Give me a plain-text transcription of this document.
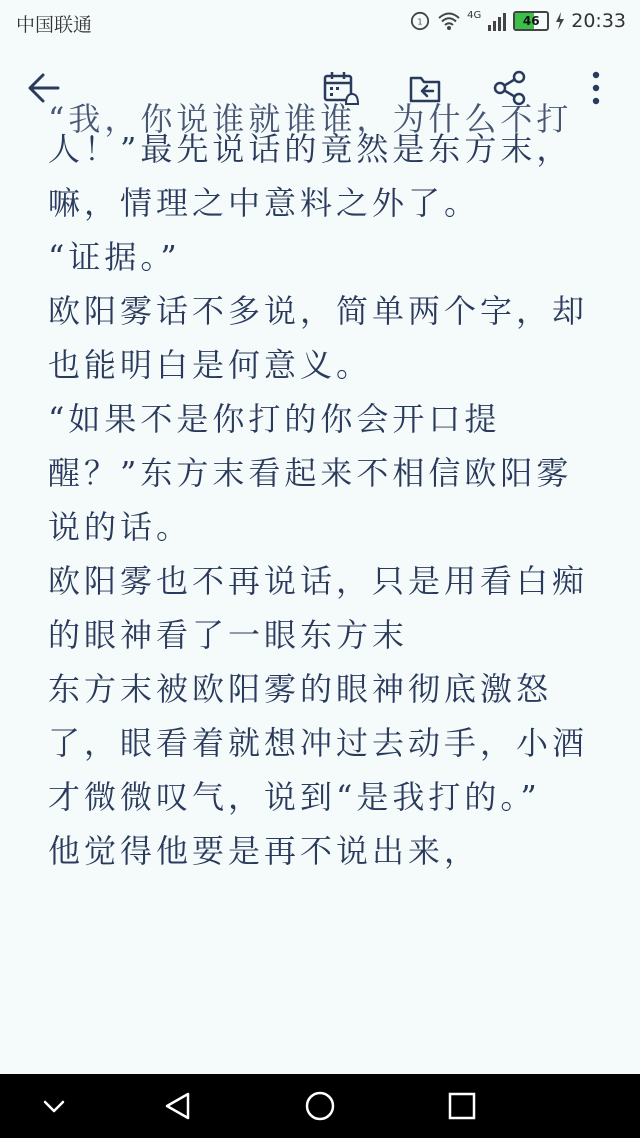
中国联通	1
4G	46	20:33

“我，你说谁就谁谁，为什么不打

人！”最先说话的竟然是东方末，嘛，情理之中意料之外了。

“证据。”

欧阳雾话不多说，简单两个字，却也能明白是何意义。

“如果不是你打的你会开口提醒？”东方末看起来不相信欧阳雾说的话。

欧阳雾也不再说话，只是用看白痴的眼神看了一眼东方末

东方末被欧阳雾的眼神彻底激怒了，眼看着就想冲过去动手，小酒才微微叹气，说到“是我打的。”

他觉得他要是再不说出来，
